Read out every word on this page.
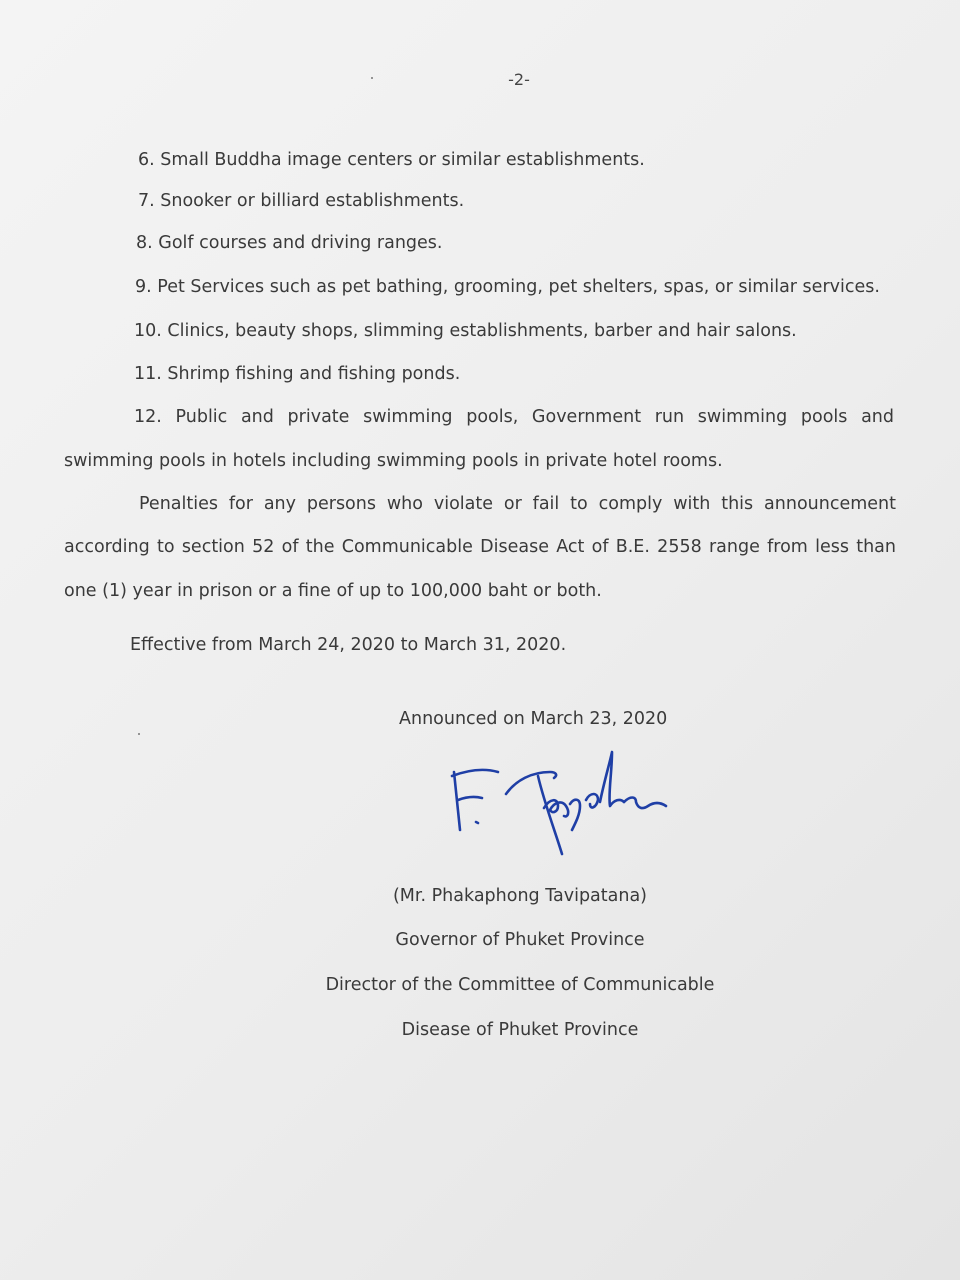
-2-
6. Small Buddha image centers or similar establishments.
7. Snooker or billiard establishments.
8. Golf courses and driving ranges.
9. Pet Services such as pet bathing, grooming, pet shelters, spas, or similar services.
10. Clinics, beauty shops, slimming establishments, barber and hair salons.
11. Shrimp fishing and fishing ponds.
12. Public and private swimming pools, Government run swimming pools and
swimming pools in hotels including swimming pools in private hotel rooms.
Penalties for any persons who violate or fail to comply with this announcement
according to section 52 of the Communicable Disease Act of B.E. 2558 range from less than
one (1) year in prison or a fine of up to 100,000 baht or both.
Effective from March 24, 2020 to March 31, 2020.
Announced on March 23, 2020
(Mr. Phakaphong Tavipatana)
Governor of Phuket Province
Director of the Committee of Communicable
Disease of Phuket Province
